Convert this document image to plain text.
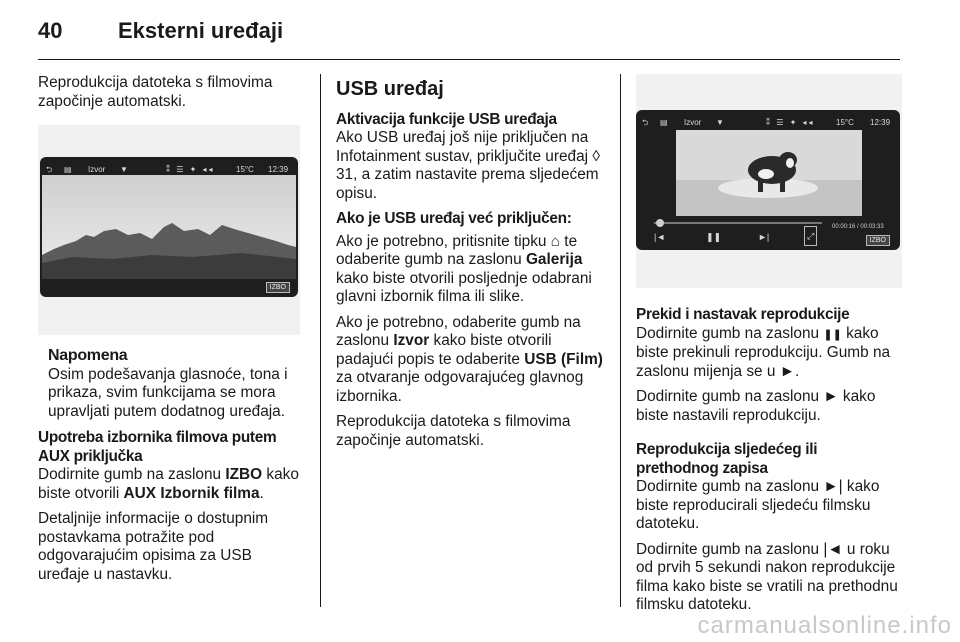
40	Eksterni uređaji

Reprodukcija datoteka s filmovima započinje automatski.

⮌ ▤ Izvor ▼	⁑ ☰ ✦ ◂◂	15°C 12:39
IZBO
Napomena
Osim podešavanja glasnoće, tona i prikaza, svim funkcijama se mora upravljati putem dodatnog uređaja.
Upotreba izbornika filmova putem AUX priključka

Dodirnite gumb na zaslonu IZBO kako biste otvorili AUX Izbornik filma.

Detaljnije informacije o dostupnim postavkama potražite pod odgovarajućim opisima za USB uređaje u nastavku.

USB uređaj
Aktivacija funkcije USB uređaja

Ako USB uređaj još nije priključen na Infotainment sustav, priključite uređaj ◊ 31, a zatim nastavite prema sljedećem opisu.

Ako je USB uređaj već priključen:

Ako je potrebno, pritisnite tipku ⌂ te odaberite gumb na zaslonu Galerija kako biste otvorili posljednje odabrani glavni izbornik filma ili slike.

Ako je potrebno, odaberite gumb na zaslonu Izvor kako biste otvorili padajući popis te odaberite USB (Film) za otvaranje odgovarajućeg glavnog izbornika.

Reprodukcija datoteka s filmovima započinje automatski.

⮌ ▤ Izvor ▼	⁑ ☰ ✦ ◂◂	15°C 12:39
00:00:16 / 00:03:33
|◄	❚❚	►|	⤢	IZBO
Prekid i nastavak reprodukcije

Dodirnite gumb na zaslonu ❚❚ kako biste prekinuli reprodukciju. Gumb na zaslonu mijenja se u ►.

Dodirnite gumb na zaslonu ► kako biste nastavili reprodukciju.

Reprodukcija sljedećeg ili prethodnog zapisa

Dodirnite gumb na zaslonu ►| kako biste reproducirali sljedeću filmsku datoteku.

Dodirnite gumb na zaslonu |◄ u roku od prvih 5 sekundi nakon reprodukcije filma kako biste se vratili na prethodnu filmsku datoteku.

carmanualsonline.info
